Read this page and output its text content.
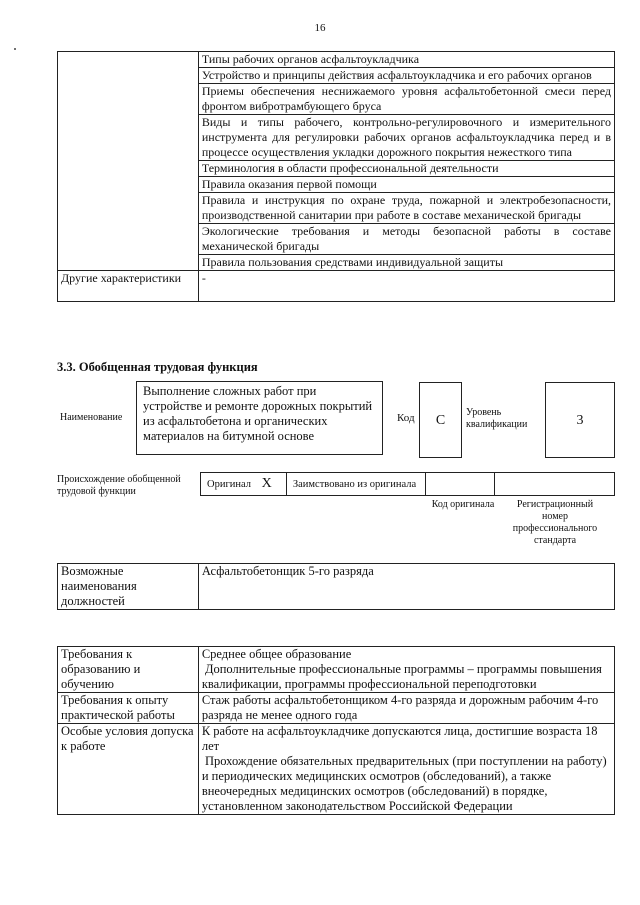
16
	Типы рабочих органов асфальтоукладчика
	Устройство и принципы действия асфальтоукладчика и его рабочих органов
	Приемы обеспечения неснижаемого уровня асфальтобетонной смеси перед фронтом вибротрамбующего бруса
	Виды и типы рабочего, контрольно-регулировочного и измерительного инструмента для регулировки рабочих органов асфальтоукладчика перед и в процессе осуществления укладки дорожного покрытия нежесткого типа
	Терминология в области профессиональной деятельности
	Правила оказания первой помощи
	Правила и инструкция по охране труда, пожарной и электробезопасности, производственной санитарии при работе в составе механической бригады
	Экологические требования и методы безопасной работы в составе механической бригады
	Правила пользования средствами индивидуальной защиты
Другие характеристики	-
3.3. Обобщенная трудовая функция
Наименование
Выполнение сложных работ при устройстве и ремонте дорожных покрытий из асфальтобетона и органических материалов на битумной основе
Код	C
Уровень квалификации	3
Происхождение обобщенной трудовой функции
Оригинал X	Заимствовано из оригинала		
Код оригинала	Регистрационный номер профессионального стандарта
Возможные наименования должностей	Асфальтобетонщик 5-го разряда
Требования к образованию и обучению	Среднее общее образование
Дополнительные профессиональные программы – программы повышения квалификации, программы профессиональной переподготовки

Требования к опыту практической работы	Стаж работы асфальтобетонщиком 4-го разряда и дорожным рабочим 4-го разряда не менее одного года

Особые условия допуска к работе	К работе на асфальтоукладчике допускаются лица, достигшие возраста 18 лет
Прохождение обязательных предварительных (при поступлении на работу) и периодических медицинских осмотров (обследований), а также внеочередных медицинских осмотров (обследований) в порядке, установленном законодательством Российской Федерации
